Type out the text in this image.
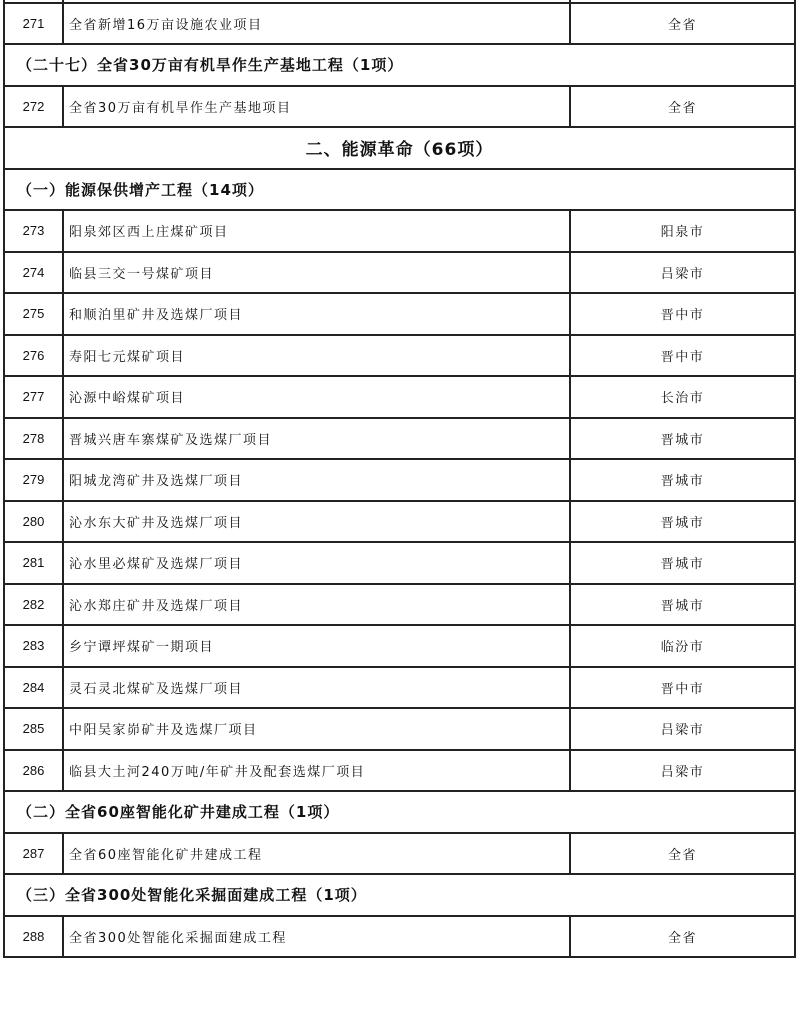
271	全省新增16万亩设施农业项目	全省
（二十七）全省30万亩有机旱作生产基地工程（1项）		
272	全省30万亩有机旱作生产基地项目	全省
二、能源革命（66项）		
（一）能源保供增产工程（14项）		
273	阳泉郊区西上庄煤矿项目	阳泉市
274	临县三交一号煤矿项目	吕梁市
275	和顺泊里矿井及选煤厂项目	晋中市
276	寿阳七元煤矿项目	晋中市
277	沁源中峪煤矿项目	长治市
278	晋城兴唐车寨煤矿及选煤厂项目	晋城市
279	阳城龙湾矿井及选煤厂项目	晋城市
280	沁水东大矿井及选煤厂项目	晋城市
281	沁水里必煤矿及选煤厂项目	晋城市
282	沁水郑庄矿井及选煤厂项目	晋城市
283	乡宁谭坪煤矿一期项目	临汾市
284	灵石灵北煤矿及选煤厂项目	晋中市
285	中阳吴家峁矿井及选煤厂项目	吕梁市
286	临县大土河240万吨/年矿井及配套选煤厂项目	吕梁市
（二）全省60座智能化矿井建成工程（1项）		
287	全省60座智能化矿井建成工程	全省
（三）全省300处智能化采掘面建成工程（1项）		
288	全省300处智能化采掘面建成工程	全省
